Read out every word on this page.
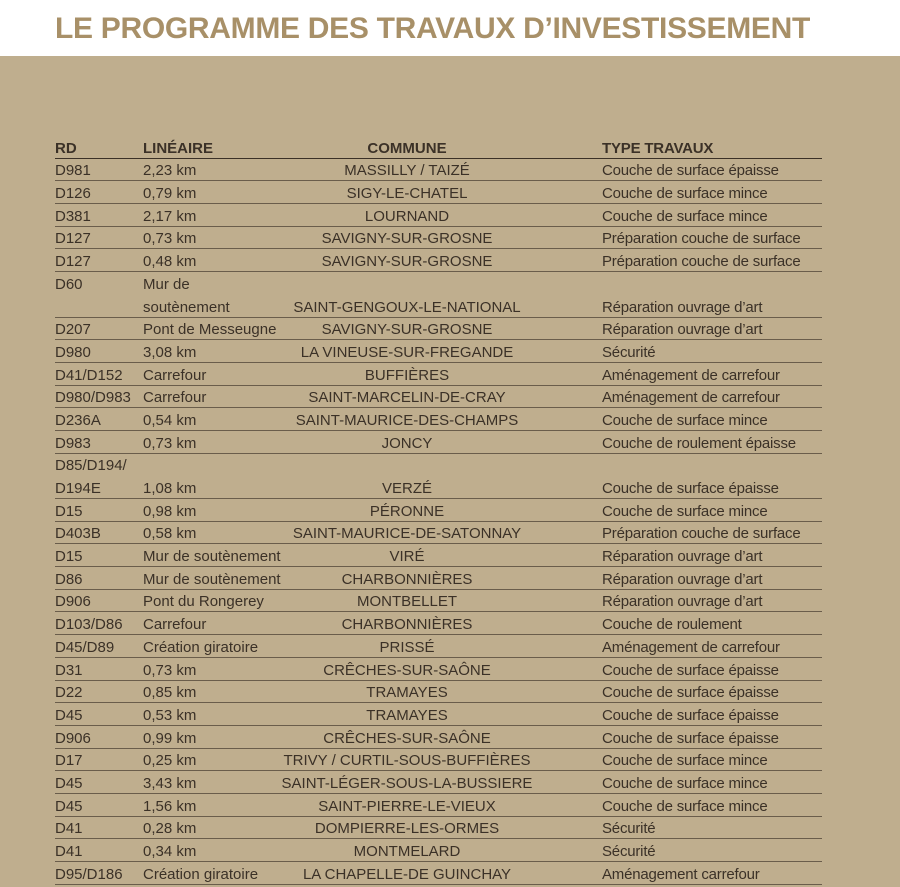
LE PROGRAMME DES TRAVAUX D’INVESTISSEMENT
RD	LINÉAIRE	COMMUNE	TYPE TRAVAUX
D981	2,23 km	MASSILLY / TAIZÉ	Couche de surface épaisse
D126	0,79 km	SIGY-LE-CHATEL	Couche de surface mince
D381	2,17 km	LOURNAND	Couche de surface mince
D127	0,73 km	SAVIGNY-SUR-GROSNE	Préparation couche de surface
D127	0,48 km	SAVIGNY-SUR-GROSNE	Préparation couche de surface
D60	Mur de
soutènement	SAINT-GENGOUX-LE-NATIONAL	Réparation ouvrage d’art
D207	Pont de Messeugne	SAVIGNY-SUR-GROSNE	Réparation ouvrage d’art
D980	3,08 km	LA VINEUSE-SUR-FREGANDE	Sécurité
D41/D152 Carrefour	BUFFIÈRES	Aménagement de carrefour
D980/D983 Carrefour	SAINT-MARCELIN-DE-CRAY	Aménagement de carrefour
D236A	0,54 km	SAINT-MAURICE-DES-CHAMPS	Couche de surface mince
D983	0,73 km	JONCY	Couche de roulement épaisse
D85/D194/
D194E	1,08 km	VERZÉ	Couche de surface épaisse
D15	0,98 km	PÉRONNE	Couche de surface mince
D403B	0,58 km	SAINT-MAURICE-DE-SATONNAY	Préparation couche de surface
D15	Mur de soutènement	VIRÉ	Réparation ouvrage d’art
D86	Mur de soutènement	CHARBONNIÈRES	Réparation ouvrage d’art
D906	Pont du Rongerey	MONTBELLET	Réparation ouvrage d’art
D103/D86 Carrefour	CHARBONNIÈRES	Couche de roulement
D45/D89 Création giratoire	PRISSÉ	Aménagement de carrefour
D31	0,73 km	CRÊCHES-SUR-SAÔNE	Couche de surface épaisse
D22	0,85 km	TRAMAYES	Couche de surface épaisse
D45	0,53 km	TRAMAYES	Couche de surface épaisse
D906	0,99 km	CRÊCHES-SUR-SAÔNE	Couche de surface épaisse
D17	0,25 km	TRIVY / CURTIL-SOUS-BUFFIÈRES	Couche de surface mince
D45	3,43 km	SAINT-LÉGER-SOUS-LA-BUSSIERE	Couche de surface mince
D45	1,56 km	SAINT-PIERRE-LE-VIEUX	Couche de surface mince
D41	0,28 km	DOMPIERRE-LES-ORMES	Sécurité
D41	0,34 km	MONTMELARD	Sécurité
D95/D186 Création giratoire	LA CHAPELLE-DE GUINCHAY	Aménagement carrefour
